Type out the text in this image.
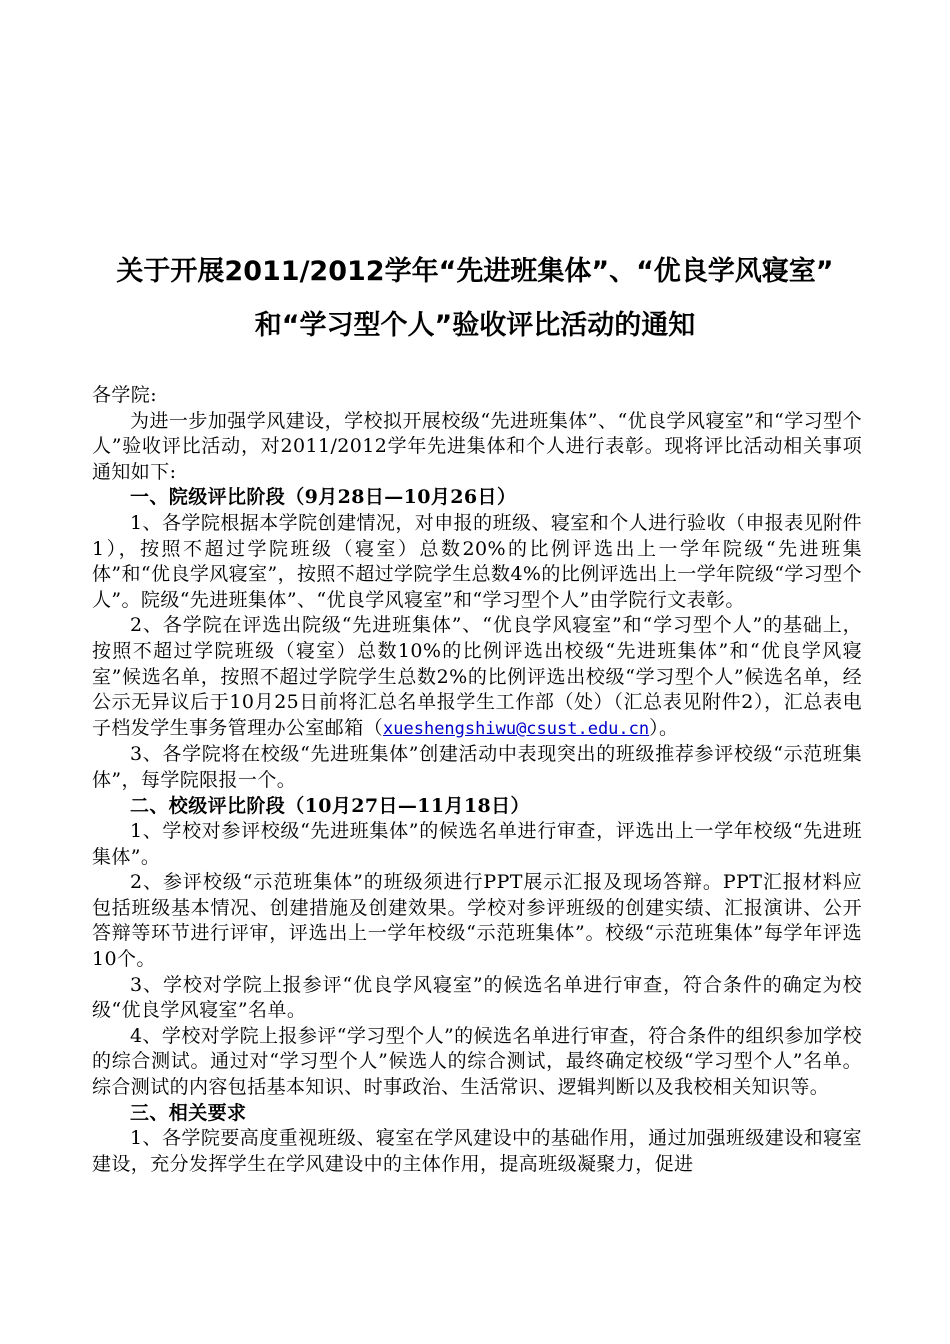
关于开展2011/2012学年“先进班集体”、“优良学风寝室”
和“学习型个人”验收评比活动的通知

各学院:

为进一步加强学风建设，学校拟开展校级“先进班集体”、“优良学风寝室”和“学习型个人”验收评比活动，对2011/2012学年先进集体和个人进行表彰。现将评比活动相关事项通知如下:

一、院级评比阶段（9月28日—10月26日）

1、各学院根据本学院创建情况，对申报的班级、寝室和个人进行验收（申报表见附件1），按照不超过学院班级（寝室）总数20%的比例评选出上一学年院级“先进班集体”和“优良学风寝室”，按照不超过学院学生总数4%的比例评选出上一学年院级“学习型个人”。院级“先进班集体”、“优良学风寝室”和“学习型个人”由学院行文表彰。

2、各学院在评选出院级“先进班集体”、“优良学风寝室”和“学习型个人”的基础上，按照不超过学院班级（寝室）总数10%的比例评选出校级“先进班集体”和“优良学风寝室”候选名单，按照不超过学院学生总数2%的比例评选出校级“学习型个人”候选名单，经公示无异议后于10月25日前将汇总名单报学生工作部（处）（汇总表见附件2），汇总表电子档发学生事务管理办公室邮箱（xueshengshiwu@csust.edu.cn）。

3、各学院将在校级“先进班集体”创建活动中表现突出的班级推荐参评校级“示范班集体”，每学院限报一个。

二、校级评比阶段（10月27日—11月18日）

1、学校对参评校级“先进班集体”的候选名单进行审查，评选出上一学年校级“先进班集体”。

2、参评校级“示范班集体”的班级须进行PPT展示汇报及现场答辩。PPT汇报材料应包括班级基本情况、创建措施及创建效果。学校对参评班级的创建实绩、汇报演讲、公开答辩等环节进行评审，评选出上一学年校级“示范班集体”。校级“示范班集体”每学年评选10个。

3、学校对学院上报参评“优良学风寝室”的候选名单进行审查，符合条件的确定为校级“优良学风寝室”名单。

4、学校对学院上报参评“学习型个人”的候选名单进行审查，符合条件的组织参加学校的综合测试。通过对“学习型个人”候选人的综合测试，最终确定校级“学习型个人”名单。综合测试的内容包括基本知识、时事政治、生活常识、逻辑判断以及我校相关知识等。

三、相关要求

1、各学院要高度重视班级、寝室在学风建设中的基础作用，通过加强班级建设和寝室建设，充分发挥学生在学风建设中的主体作用，提高班级凝聚力，促进
